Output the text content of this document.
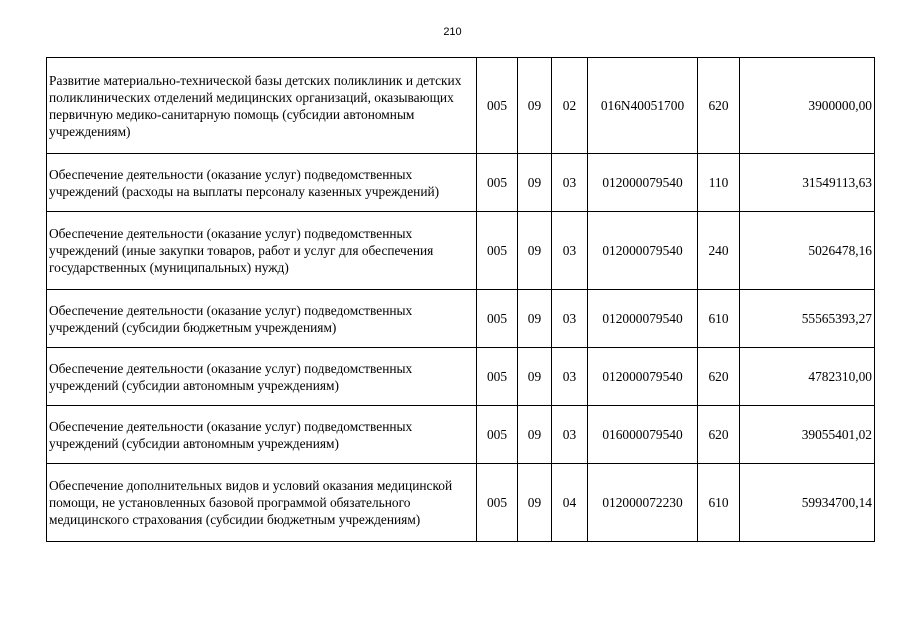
210
Развитие материально-технической базы детских поликлиник и детских поликлинических отделений медицинских организаций, оказывающих первичную медико-санитарную помощь (субсидии автономным учреждениям)	005	09	02	016N40051700	620	3900000,00
Обеспечение деятельности (оказание услуг) подведомственных учреждений (расходы на выплаты персоналу казенных учреждений)	005	09	03	012000079540	110	31549113,63
Обеспечение деятельности (оказание услуг) подведомственных учреждений (иные закупки товаров, работ и услуг для обеспечения государственных (муниципальных) нужд)	005	09	03	012000079540	240	5026478,16
Обеспечение деятельности (оказание услуг) подведомственных учреждений (субсидии бюджетным учреждениям)	005	09	03	012000079540	610	55565393,27
Обеспечение деятельности (оказание услуг) подведомственных учреждений (субсидии автономным учреждениям)	005	09	03	012000079540	620	4782310,00
Обеспечение деятельности (оказание услуг) подведомственных учреждений (субсидии автономным учреждениям)	005	09	03	016000079540	620	39055401,02
Обеспечение дополнительных видов и условий оказания медицинской помощи, не установленных базовой программой обязательного медицинского страхования (субсидии бюджетным учреждениям)	005	09	04	012000072230	610	59934700,14
